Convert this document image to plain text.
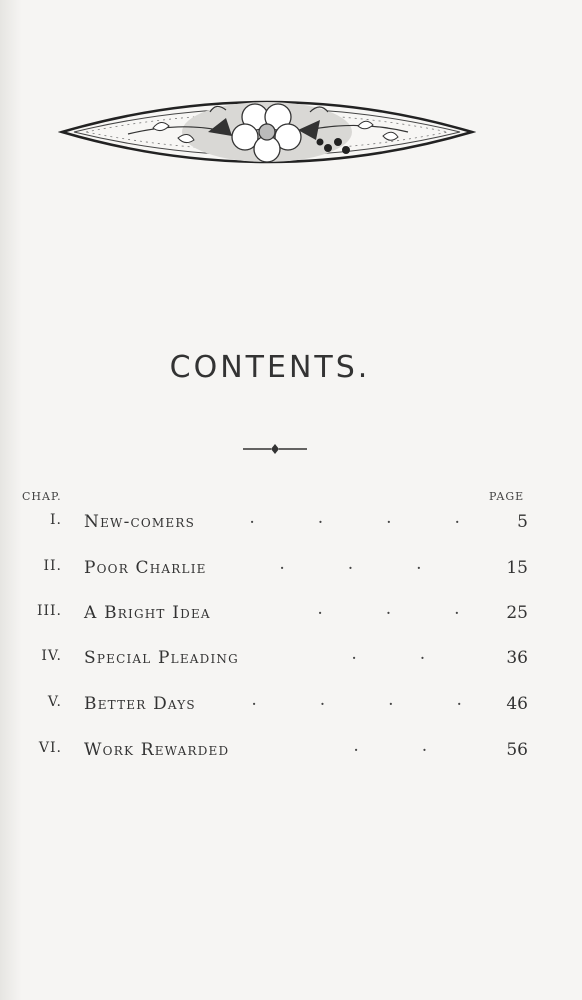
CONTENTS.
CHAP.	PAGE
I. New-comers	. . . .	5
II. Poor Charlie	. . .	15
III. A Bright Idea	. . .	25
IV. Special Pleading	. .	36
V. Better Days	. . . .	46
VI. Work Rewarded	. .	56
